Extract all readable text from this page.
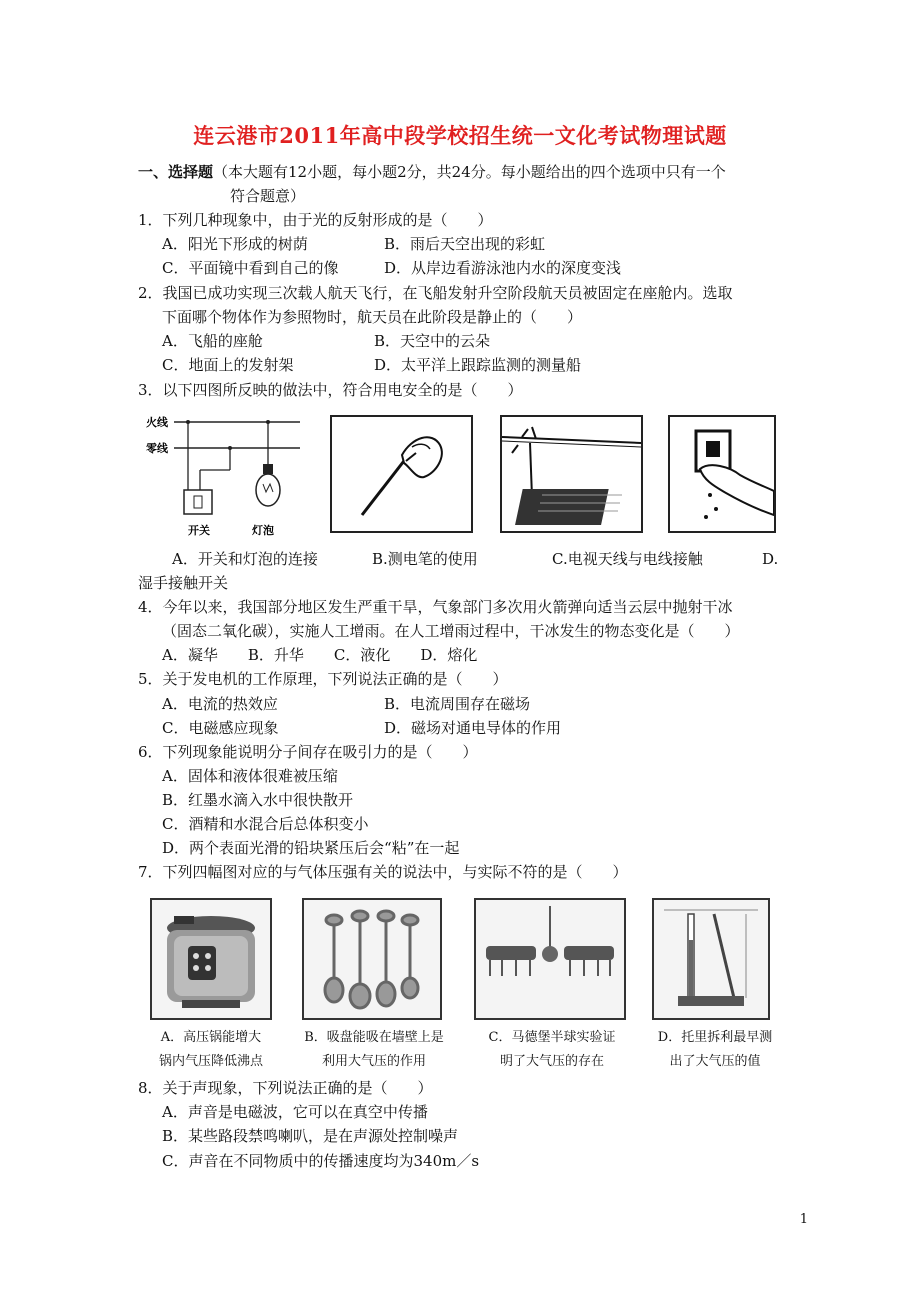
连云港市2011年高中段学校招生统一文化考试物理试题
一、选择题（本大题有12小题，每小题2分，共24分。每小题给出的四个选项中只有一个
符合题意）
1．下列几种现象中，由于光的反射形成的是（　　）
A．阳光下形成的树荫	B．雨后天空出现的彩虹
C．平面镜中看到自己的像	D．从岸边看游泳池内水的深度变浅
2．我国已成功实现三次载人航天飞行，在飞船发射升空阶段航天员被固定在座舱内。选取
下面哪个物体作为参照物时，航天员在此阶段是静止的（　　）
A．飞船的座舱	B．天空中的云朵
C．地面上的发射架	D．太平洋上跟踪监测的测量船
3．以下四图所反映的做法中，符合用电安全的是（　　）
火线
零线
开关	灯泡
A．开关和灯泡的连接	B.测电笔的使用	C.电视天线与电线接触	D.
湿手接触开关
4．今年以来，我国部分地区发生严重干旱，气象部门多次用火箭弹向适当云层中抛射干冰
（固态二氧化碳），实施人工增雨。在人工增雨过程中，干冰发生的物态变化是（　　）
A．凝华　　B．升华　　C．液化　　D．熔化
5．关于发电机的工作原理，下列说法正确的是（　　）
A．电流的热效应	B．电流周围存在磁场
C．电磁感应现象	D．磁场对通电导体的作用
6．下列现象能说明分子间存在吸引力的是（　　）
A．固体和液体很难被压缩
B．红墨水滴入水中很快散开
C．酒精和水混合后总体积变小
D．两个表面光滑的铅块紧压后会“粘”在一起
7．下列四幅图对应的与气体压强有关的说法中，与实际不符的是（　　）
A．高压锅能增大
锅内气压降低沸点
B．吸盘能吸在墙壁上是
利用大气压的作用
C．马德堡半球实验证
明了大气压的存在
D．托里拆利最早测
出了大气压的值
8．关于声现象，下列说法正确的是（　　）
A．声音是电磁波，它可以在真空中传播
B．某些路段禁鸣喇叭，是在声源处控制噪声
C．声音在不同物质中的传播速度均为340m／s
1
